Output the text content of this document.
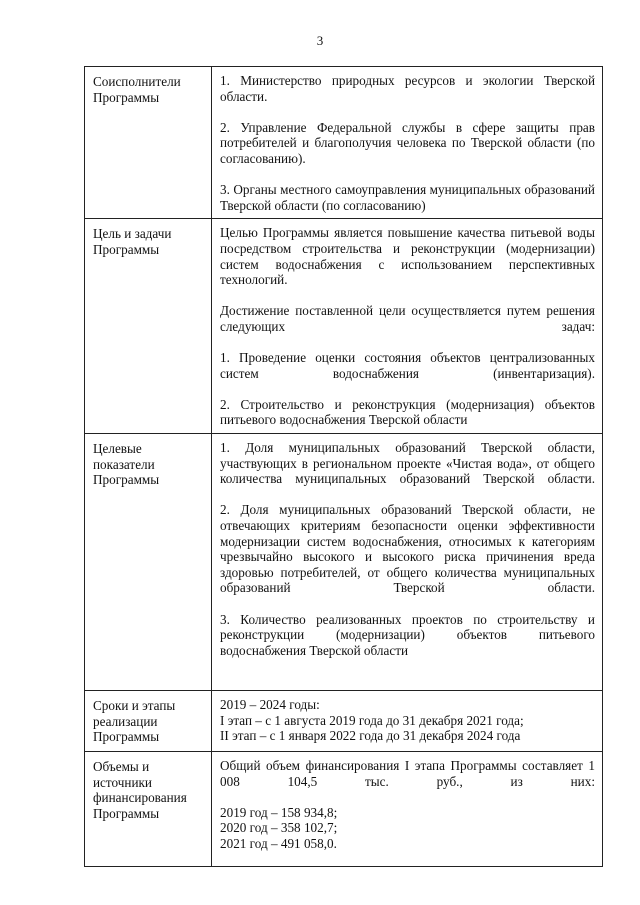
3
Соисполнители Программы	1. Министерство природных ресурсов и экологии Тверской области.
2. Управление Федеральной службы в сфере защиты прав потребителей и благополучия человека по Тверской области (по согласованию).
3. Органы местного самоуправления муниципальных образований Тверской области (по согласованию)

Цель и задачи Программы	Целью Программы является повышение качества питьевой воды посредством строительства и реконструкции (модернизации) систем водоснабжения с использованием перспективных технологий.
Достижение поставленной цели осуществляется путем решения следующих задач:
1. Проведение оценки состояния объектов централизованных систем водоснабжения (инвентаризация).
2. Строительство и реконструкция (модернизация) объектов питьевого водоснабжения Тверской области

Целевые показатели Программы	1. Доля муниципальных образований Тверской области, участвующих в региональном проекте «Чистая вода», от общего количества муниципальных образований Тверской области.
2. Доля муниципальных образований Тверской области, не отвечающих критериям безопасности оценки эффективности модернизации систем водоснабжения, относимых к категориям чрезвычайно высокого и высокого риска причинения вреда здоровью потребителей, от общего количества муниципальных образований Тверской области.
3. Количество реализованных проектов по строительству и реконструкции (модернизации) объектов питьевого водоснабжения Тверской области

Сроки и этапы реализации Программы	2019 – 2024 годы:
I этап – с 1 августа 2019 года до 31 декабря 2021 года;
II этап – с 1 января 2022 года до 31 декабря 2024 года

Объемы и источники финансирования Программы	Общий объем финансирования I этапа Программы составляет 1 008 104,5 тыс. руб., из них:
2019 год – 158 934,8;
2020 год – 358 102,7;
2021 год – 491 058,0.
